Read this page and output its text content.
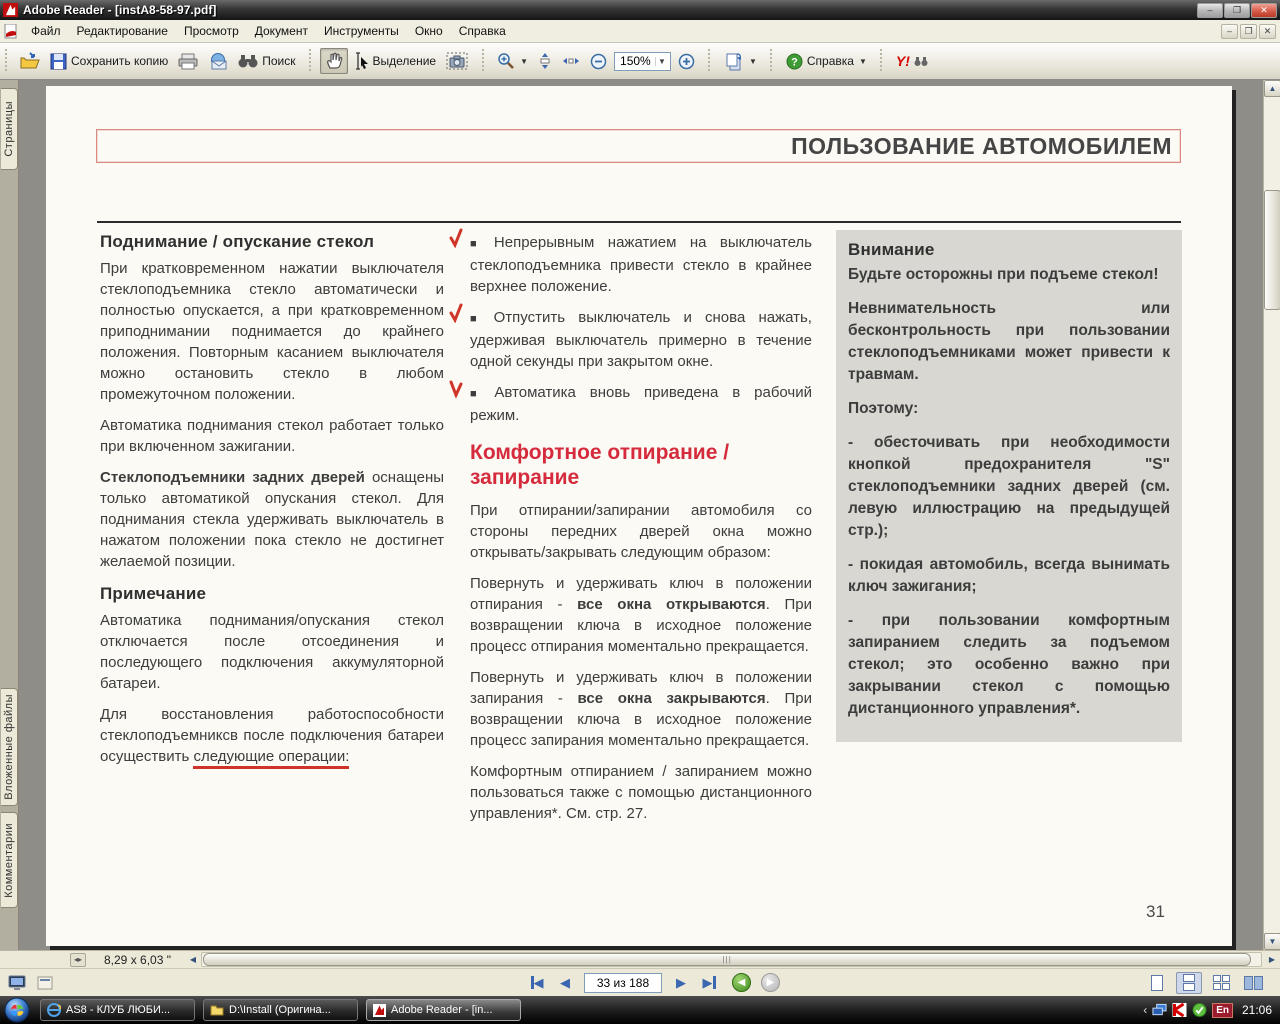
Adobe Reader - [instA8-58-97.pdf]	–	❐	✕
Файл	Редактирование	Просмотр	Документ	Инструменты	Окно	Справка	–	❐	✕
Сохранить копию	Поиск	Выделение	▼	150% ▼	▼	? Справка ▼ Y!
Страницы
Вложенные файлы
Комментарии
ПОЛЬЗОВАНИЕ АВТОМОБИЛЕМ
Поднимание / опускание стекол

При кратковременном нажатии выключателя стеклоподъемника стекло автоматически и полностью опускается, а при кратковременном приподнимании поднимается до крайнего положения. Повторным касанием выключателя можно остановить стекло в любом промежуточном положении.

Автоматика поднимания стекол работает только при включенном зажигании.

Стеклоподъемники задних дверей оснащены только автоматикой опускания стекол. Для поднимания стекла удерживать выключатель в нажатом положении пока стекло не достигнет желаемой позиции.

Примечание

Автоматика поднимания/опускания стекол отключается после отсоединения и последующего подключения аккумуляторной батареи.

Для восстановления работоспособности стеклоподъемниксв после подключения батареи осуществить следующие операции:

■ Непрерывным нажатием на выключатель стеклоподъемника привести стекло в крайнее верхнее положение.

■ Отпустить выключатель и снова нажать, удерживая выключатель примерно в течение одной секунды при закрытом окне.

■ Автоматика вновь приведена в рабочий режим.

Комфортное отпирание / запирание

При отпирании/запирании автомобиля со стороны передних дверей окна можно открывать/закрывать следующим образом:

Повернуть и удерживать ключ в положении отпирания - все окна открываются. При возвращении ключа в исходное положение процесс отпирания моментально прекращается.

Повернуть и удерживать ключ в положении запирания - все окна закрываются. При возвращении ключа в исходное положение процесс запирания моментально прекращается.

Комфортным отпиранием / запиранием можно пользоваться также с помощью дистанционного управления*. См. стр. 27.

Внимание

Будьте осторожны при подъеме стекол!

Невнимательность или бесконтрольность при пользовании стеклоподъемниками может привести к травмам.

Поэтому:

- обесточивать при необходимости кнопкой предохранителя "S" стеклоподъемники задних дверей (см. левую иллюстрацию на предыдущей стр.);

- покидая автомобиль, всегда вынимать ключ зажигания;

- при пользовании комфортным запиранием следить за подъемом стекол; это особенно важно при закрывании стекол с помощью дистанционного управления*.

31
▲
▼
◂▸	8,29 x 6,03 "	◀	|||	▶
◀	◀	33 из 188	▶	▶	◀	▶
AS8 - КЛУБ ЛЮБИ...	D:\Install (Оригина...	Adobe Reader - [in...	‹	En	21:06
